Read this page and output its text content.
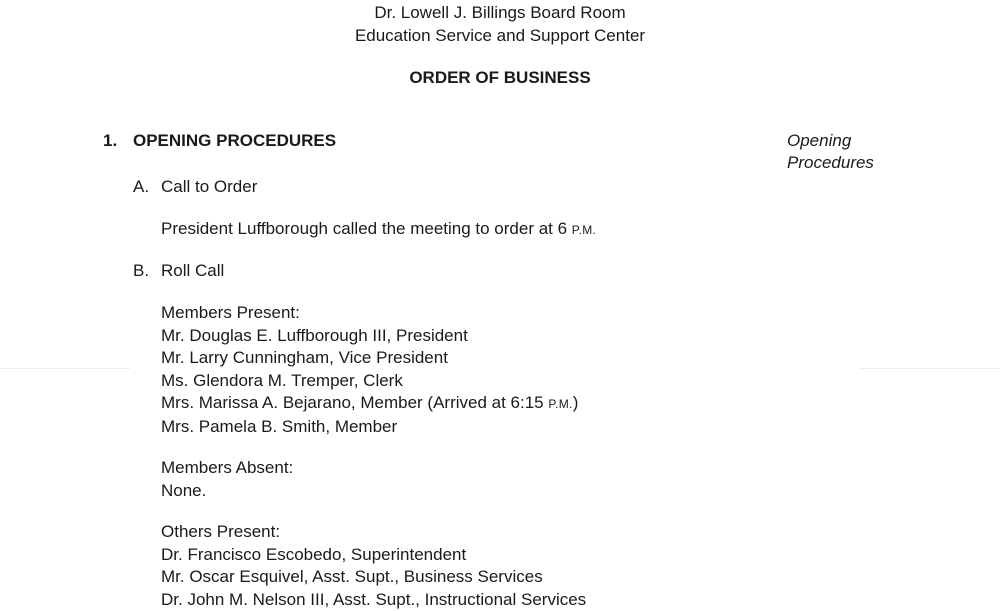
Dr. Lowell J. Billings Board Room
Education Service and Support Center
ORDER OF BUSINESS
1. OPENING PROCEDURES	Opening
Procedures
A. Call to Order
President Luffborough called the meeting to order at 6 P.M.
B. Roll Call
Members Present:
Mr. Douglas E. Luffborough III, President
Mr. Larry Cunningham, Vice President
Ms. Glendora M. Tremper, Clerk
Mrs. Marissa A. Bejarano, Member (Arrived at 6:15 P.M.)
Mrs. Pamela B. Smith, Member
Members Absent:
None.
Others Present:
Dr. Francisco Escobedo, Superintendent
Mr. Oscar Esquivel, Asst. Supt., Business Services
Dr. John M. Nelson III, Asst. Supt., Instructional Services
